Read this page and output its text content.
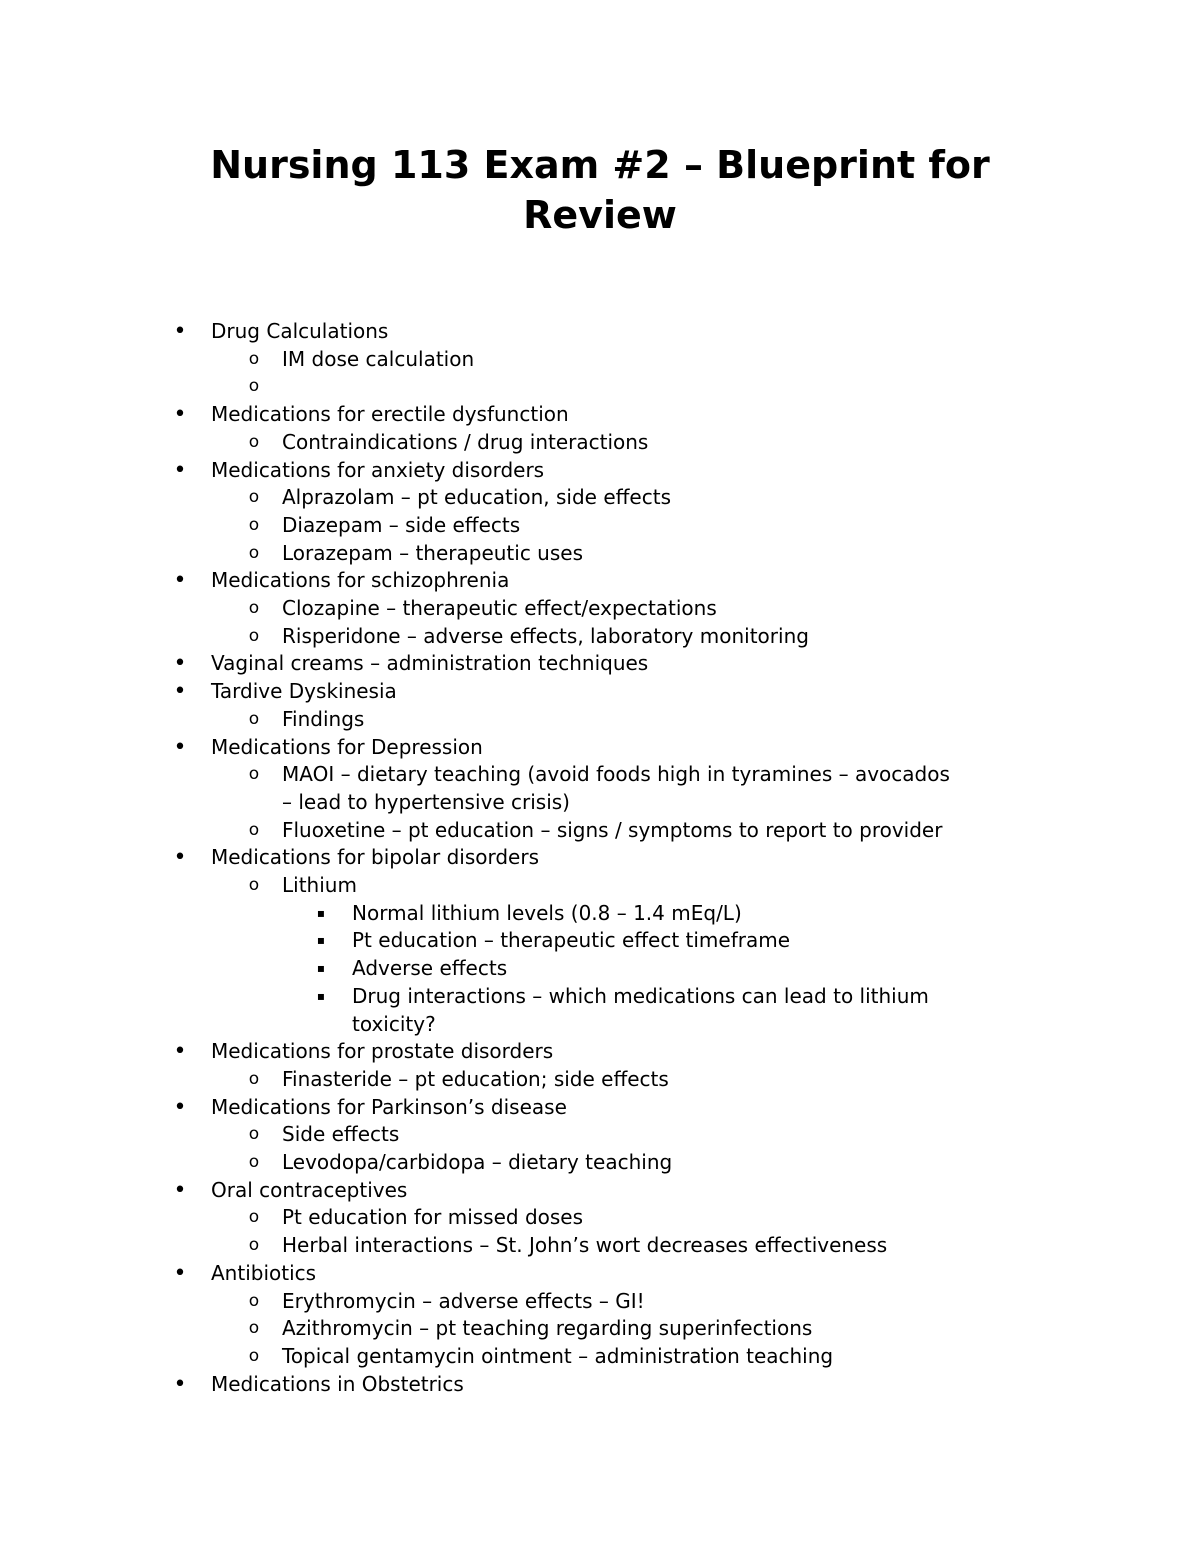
Nursing 113 Exam #2 – Blueprint for
Review
• Drug Calculations
o IM dose calculation
o
• Medications for erectile dysfunction
o Contraindications / drug interactions
• Medications for anxiety disorders
o Alprazolam – pt education, side effects
o Diazepam – side effects
o Lorazepam – therapeutic uses
• Medications for schizophrenia
o Clozapine – therapeutic effect/expectations
o Risperidone – adverse effects, laboratory monitoring
• Vaginal creams – administration techniques
• Tardive Dyskinesia
o Findings
• Medications for Depression
o MAOI – dietary teaching (avoid foods high in tyramines – avocados – lead to hypertensive crisis)
o Fluoxetine – pt education – signs / symptoms to report to provider
• Medications for bipolar disorders
o Lithium
▪ Normal lithium levels (0.8 – 1.4 mEq/L)
▪ Pt education – therapeutic effect timeframe
▪ Adverse effects
▪ Drug interactions – which medications can lead to lithium toxicity?
• Medications for prostate disorders
o Finasteride – pt education; side effects
• Medications for Parkinson’s disease
o Side effects
o Levodopa/carbidopa – dietary teaching
• Oral contraceptives
o Pt education for missed doses
o Herbal interactions – St. John’s wort decreases effectiveness
• Antibiotics
o Erythromycin – adverse effects – GI!
o Azithromycin – pt teaching regarding superinfections
o Topical gentamycin ointment – administration teaching
• Medications in Obstetrics
